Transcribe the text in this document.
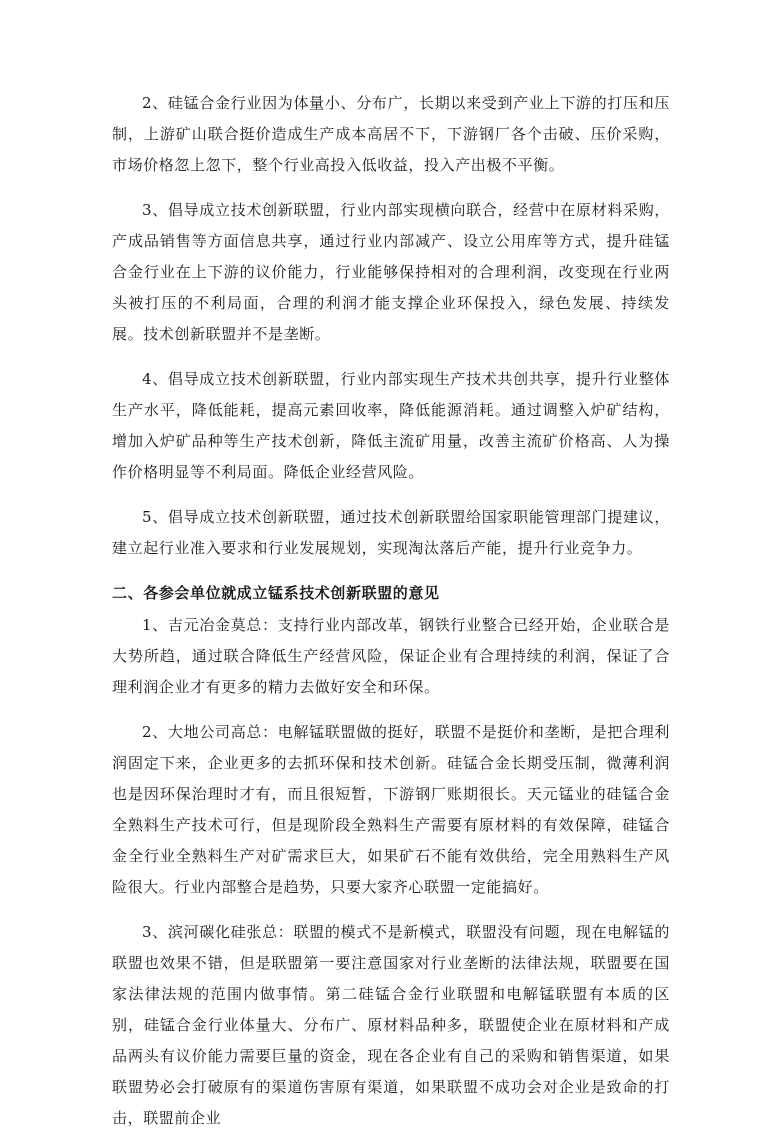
2、硅锰合金行业因为体量小、分布广，长期以来受到产业上下游的打压和压制，上游矿山联合挺价造成生产成本高居不下，下游钢厂各个击破、压价采购，市场价格忽上忽下，整个行业高投入低收益，投入产出极不平衡。

3、倡导成立技术创新联盟，行业内部实现横向联合，经营中在原材料采购，产成品销售等方面信息共享，通过行业内部减产、设立公用库等方式，提升硅锰合金行业在上下游的议价能力，行业能够保持相对的合理利润，改变现在行业两头被打压的不利局面，合理的利润才能支撑企业环保投入，绿色发展、持续发展。技术创新联盟并不是垄断。

4、倡导成立技术创新联盟，行业内部实现生产技术共创共享，提升行业整体生产水平，降低能耗，提高元素回收率，降低能源消耗。通过调整入炉矿结构，增加入炉矿品种等生产技术创新，降低主流矿用量，改善主流矿价格高、人为操作价格明显等不利局面。降低企业经营风险。

5、倡导成立技术创新联盟，通过技术创新联盟给国家职能管理部门提建议，建立起行业准入要求和行业发展规划，实现淘汰落后产能，提升行业竞争力。

二、各参会单位就成立锰系技术创新联盟的意见

1、吉元冶金莫总：支持行业内部改革，钢铁行业整合已经开始，企业联合是大势所趋，通过联合降低生产经营风险，保证企业有合理持续的利润，保证了合理利润企业才有更多的精力去做好安全和环保。

2、大地公司高总：电解锰联盟做的挺好，联盟不是挺价和垄断，是把合理利润固定下来，企业更多的去抓环保和技术创新。硅锰合金长期受压制，微薄利润也是因环保治理时才有，而且很短暂，下游钢厂账期很长。天元锰业的硅锰合金全熟料生产技术可行，但是现阶段全熟料生产需要有原材料的有效保障，硅锰合金全行业全熟料生产对矿需求巨大，如果矿石不能有效供给，完全用熟料生产风险很大。行业内部整合是趋势，只要大家齐心联盟一定能搞好。

3、滨河碳化硅张总：联盟的模式不是新模式，联盟没有问题，现在电解锰的联盟也效果不错，但是联盟第一要注意国家对行业垄断的法律法规，联盟要在国家法律法规的范围内做事情。第二硅锰合金行业联盟和电解锰联盟有本质的区别，硅锰合金行业体量大、分布广、原材料品种多，联盟使企业在原材料和产成品两头有议价能力需要巨量的资金，现在各企业有自己的采购和销售渠道，如果联盟势必会打破原有的渠道伤害原有渠道，如果联盟不成功会对企业是致命的打击，联盟前企业
